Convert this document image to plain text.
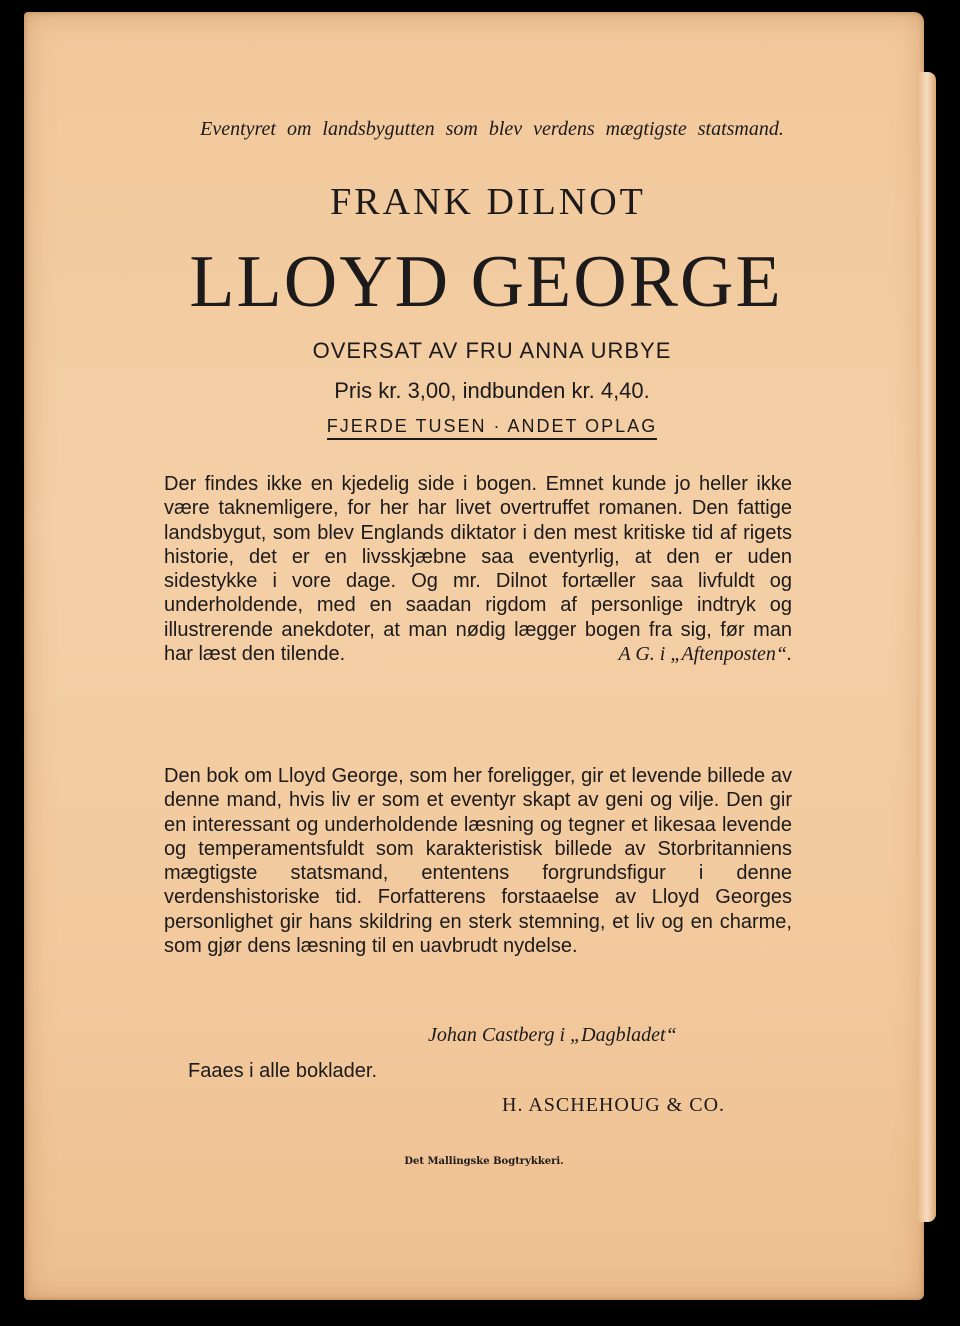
Eventyret om landsbygutten som blev verdens mægtigste statsmand.
FRANK DILNOT
LLOYD GEORGE
OVERSAT AV FRU ANNA URBYE
Pris kr. 3,00, indbunden kr. 4,40.
FJERDE TUSEN · ANDET OPLAG
Der findes ikke en kjedelig side i bogen. Emnet kunde jo heller ikke være taknemligere, for her har livet overtruffet romanen. Den fattige landsbygut, som blev Englands diktator i den mest kritiske tid af rigets historie, det er en livsskjæbne saa eventyrlig, at den er uden sidestykke i vore dage. Og mr. Dilnot fortæller saa livfuldt og underholdende, med en saadan rigdom af personlige indtryk og illustrerende anekdoter, at man nødig lægger bogen fra sig, før man har læst den tilende.	A G. i „Aftenposten“.
Den bok om Lloyd George, som her foreligger, gir et levende billede av denne mand, hvis liv er som et eventyr skapt av geni og vilje. Den gir en interessant og underholdende læsning og tegner et likesaa levende og temperamentsfuldt som karakteristisk billede av Storbritanniens mægtigste statsmand, ententens forgrundsfigur i denne verdenshistoriske tid. Forfatterens forstaaelse av Lloyd Georges personlighet gir hans skildring en sterk stemning, et liv og en charme, som gjør dens læsning til en uavbrudt nydelse.
Johan Castberg i „Dagbladet“
Faaes i alle boklader.
H. ASCHEHOUG & CO.
Det Mallingske Bogtrykkeri.
